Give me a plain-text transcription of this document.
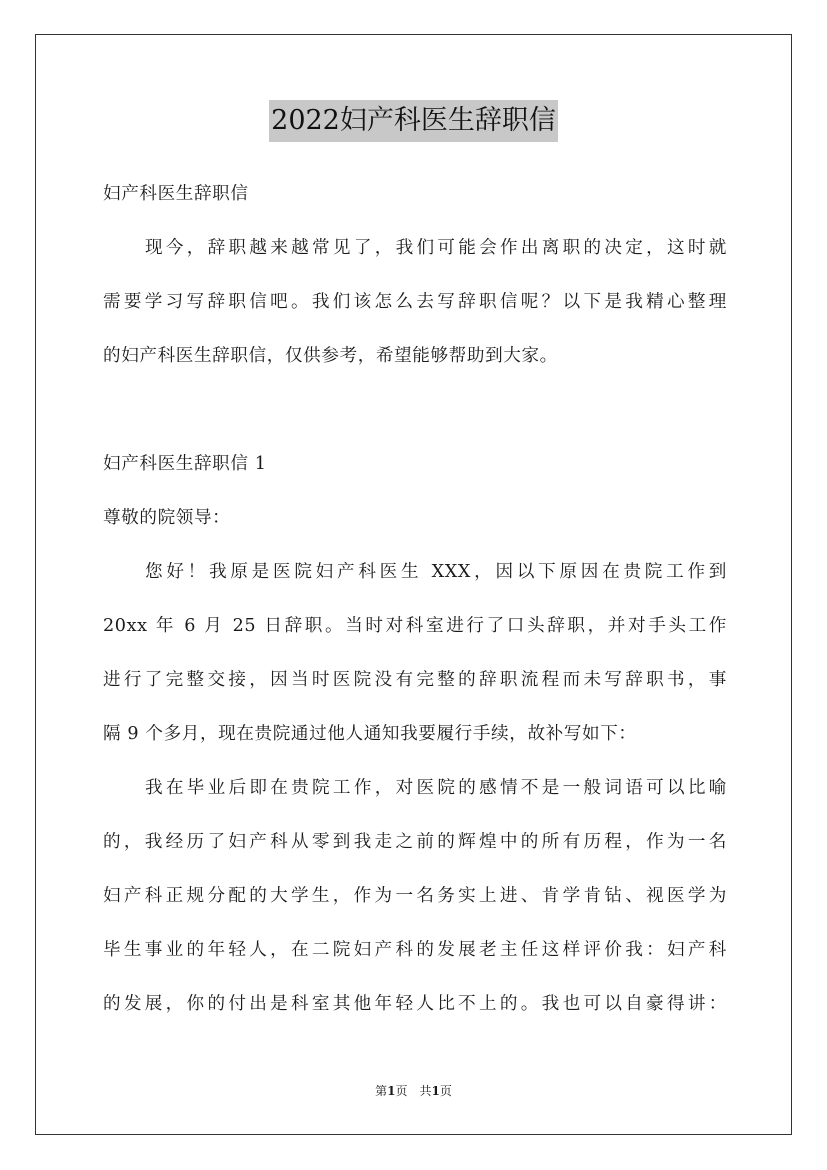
2022妇产科医生辞职信
妇产科医生辞职信
现今，辞职越来越常见了，我们可能会作出离职的决定，这时就
需要学习写辞职信吧。我们该怎么去写辞职信呢？以下是我精心整理
的妇产科医生辞职信，仅供参考，希望能够帮助到大家。
妇产科医生辞职信 1
尊敬的院领导：
您好！我原是医院妇产科医生 XXX，因以下原因在贵院工作到
20xx 年 6 月 25 日辞职。当时对科室进行了口头辞职，并对手头工作
进行了完整交接，因当时医院没有完整的辞职流程而未写辞职书，事
隔 9 个多月，现在贵院通过他人通知我要履行手续，故补写如下：
我在毕业后即在贵院工作，对医院的感情不是一般词语可以比喻
的，我经历了妇产科从零到我走之前的辉煌中的所有历程，作为一名
妇产科正规分配的大学生，作为一名务实上进、肯学肯钻、视医学为
毕生事业的年轻人，在二院妇产科的发展老主任这样评价我：妇产科
的发展，你的付出是科室其他年轻人比不上的。我也可以自豪得讲：
第1页　共1页
